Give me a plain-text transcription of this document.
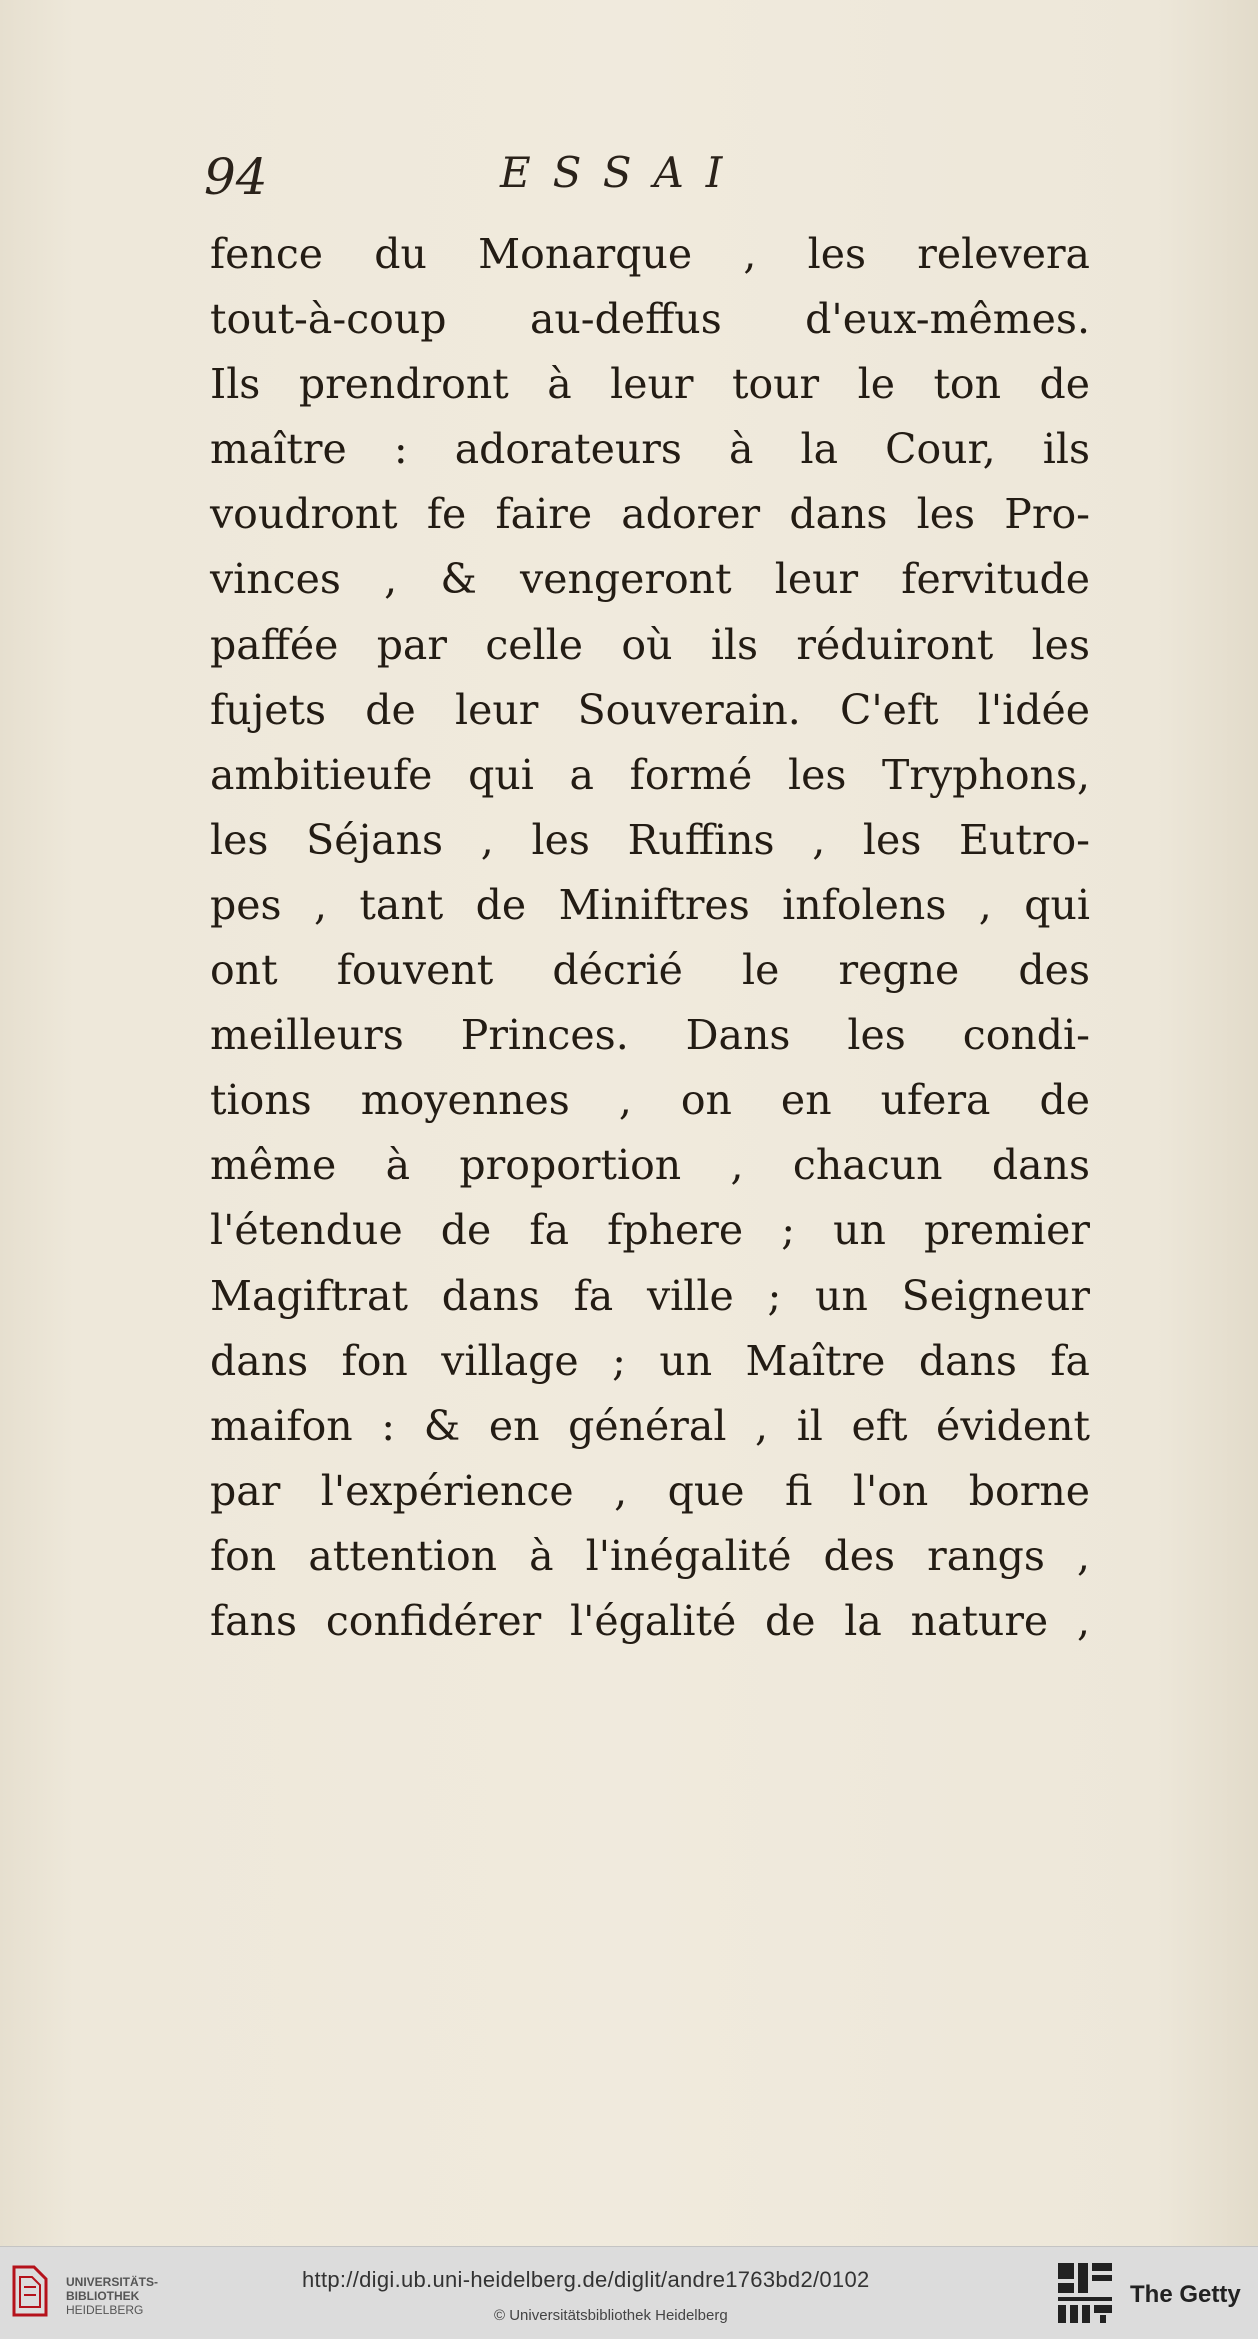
94	ESSAI
fence du Monarque , les relevera
tout-à-coup au-deffus d'eux-mêmes.
Ils prendront à leur tour le ton de
maître : adorateurs à la Cour, ils
voudront fe faire adorer dans les Pro-
vinces , & vengeront leur fervitude
paffée par celle où ils réduiront les
fujets de leur Souverain. C'eft l'idée
ambitieufe qui a formé les Tryphons,
les Séjans , les Ruffins , les Eutro-
pes , tant de Miniftres infolens , qui
ont fouvent décrié le regne des
meilleurs Princes. Dans les condi-
tions moyennes , on en ufera de
même à proportion , chacun dans
l'étendue de fa fphere ; un premier
Magiftrat dans fa ville ; un Seigneur
dans fon village ; un Maître dans fa
maifon : & en général , il eft évident
par l'expérience , que fi l'on borne
fon attention à l'inégalité des rangs ,
fans confidérer l'égalité de la nature ,
UNIVERSITÄTS-
BIBLIOTHEK
HEIDELBERG
http://digi.ub.uni-heidelberg.de/diglit/andre1763bd2/0102
© Universitätsbibliothek Heidelberg
The Getty
